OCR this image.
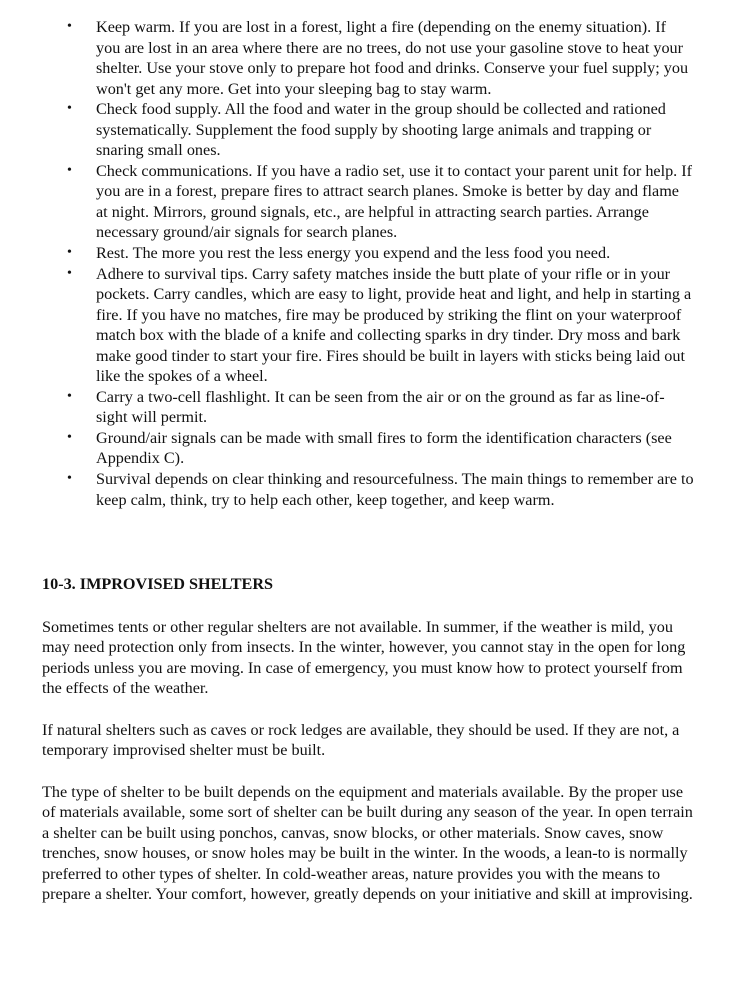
• Keep warm. If you are lost in a forest, light a fire (depending on the enemy situation). If you are lost in an area where there are no trees, do not use your gasoline stove to heat your shelter. Use your stove only to prepare hot food and drinks. Conserve your fuel supply; you won't get any more. Get into your sleeping bag to stay warm.
• Check food supply. All the food and water in the group should be collected and rationed systematically. Supplement the food supply by shooting large animals and trapping or snaring small ones.
• Check communications. If you have a radio set, use it to contact your parent unit for help. If you are in a forest, prepare fires to attract search planes. Smoke is better by day and flame at night. Mirrors, ground signals, etc., are helpful in attracting search parties. Arrange necessary ground/air signals for search planes.
• Rest. The more you rest the less energy you expend and the less food you need.
• Adhere to survival tips. Carry safety matches inside the butt plate of your rifle or in your pockets. Carry candles, which are easy to light, provide heat and light, and help in starting a fire. If you have no matches, fire may be produced by striking the flint on your waterproof match box with the blade of a knife and collecting sparks in dry tinder. Dry moss and bark make good tinder to start your fire. Fires should be built in layers with sticks being laid out like the spokes of a wheel.
• Carry a two-cell flashlight. It can be seen from the air or on the ground as far as line-of-sight will permit.
• Ground/air signals can be made with small fires to form the identification characters (see Appendix C).
• Survival depends on clear thinking and resourcefulness. The main things to remember are to keep calm, think, try to help each other, keep together, and keep warm.
10-3. IMPROVISED SHELTERS

Sometimes tents or other regular shelters are not available. In summer, if the weather is mild, you may need protection only from insects. In the winter, however, you cannot stay in the open for long periods unless you are moving. In case of emergency, you must know how to protect yourself from the effects of the weather.

If natural shelters such as caves or rock ledges are available, they should be used. If they are not, a temporary improvised shelter must be built.

The type of shelter to be built depends on the equipment and materials available. By the proper use of materials available, some sort of shelter can be built during any season of the year. In open terrain a shelter can be built using ponchos, canvas, snow blocks, or other materials. Snow caves, snow trenches, snow houses, or snow holes may be built in the winter. In the woods, a lean-to is normally preferred to other types of shelter. In cold-weather areas, nature provides you with the means to prepare a shelter. Your comfort, however, greatly depends on your initiative and skill at improvising.
